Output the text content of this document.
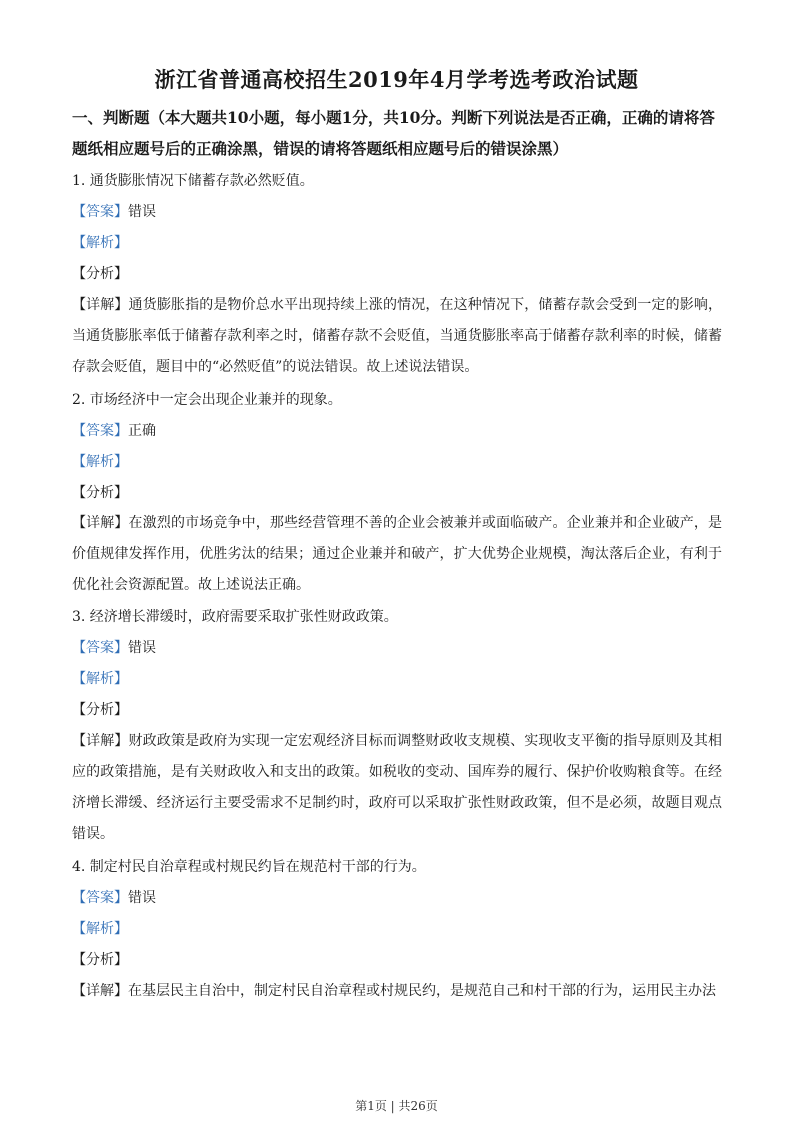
浙江省普通高校招生2019年4月学考选考政治试题
一、判断题（本大题共10小题，每小题1分，共10分。判断下列说法是否正确，正确的请将答题纸相应题号后的正确涂黑，错误的请将答题纸相应题号后的错误涂黑）
1. 通货膨胀情况下储蓄存款必然贬值。
【答案】错误
【解析】
【分析】
【详解】通货膨胀指的是物价总水平出现持续上涨的情况，在这种情况下，储蓄存款会受到一定的影响，当通货膨胀率低于储蓄存款利率之时，储蓄存款不会贬值，当通货膨胀率高于储蓄存款利率的时候，储蓄存款会贬值，题目中的“必然贬值”的说法错误。故上述说法错误。
2. 市场经济中一定会出现企业兼并的现象。
【答案】正确
【解析】
【分析】
【详解】在激烈的市场竞争中，那些经营管理不善的企业会被兼并或面临破产。企业兼并和企业破产，是价值规律发挥作用，优胜劣汰的结果；通过企业兼并和破产，扩大优势企业规模，淘汰落后企业，有利于优化社会资源配置。故上述说法正确。
3. 经济增长滞缓时，政府需要采取扩张性财政政策。
【答案】错误
【解析】
【分析】
【详解】财政政策是政府为实现一定宏观经济目标而调整财政收支规模、实现收支平衡的指导原则及其相应的政策措施，是有关财政收入和支出的政策。如税收的变动、国库券的履行、保护价收购粮食等。在经济增长滞缓、经济运行主要受需求不足制约时，政府可以采取扩张性财政政策，但不是必须，故题目观点错误。
4. 制定村民自治章程或村规民约旨在规范村干部的行为。
【答案】错误
【解析】
【分析】
【详解】在基层民主自治中，制定村民自治章程或村规民约，是规范自己和村干部的行为，运用民主办法
第1页 | 共26页
